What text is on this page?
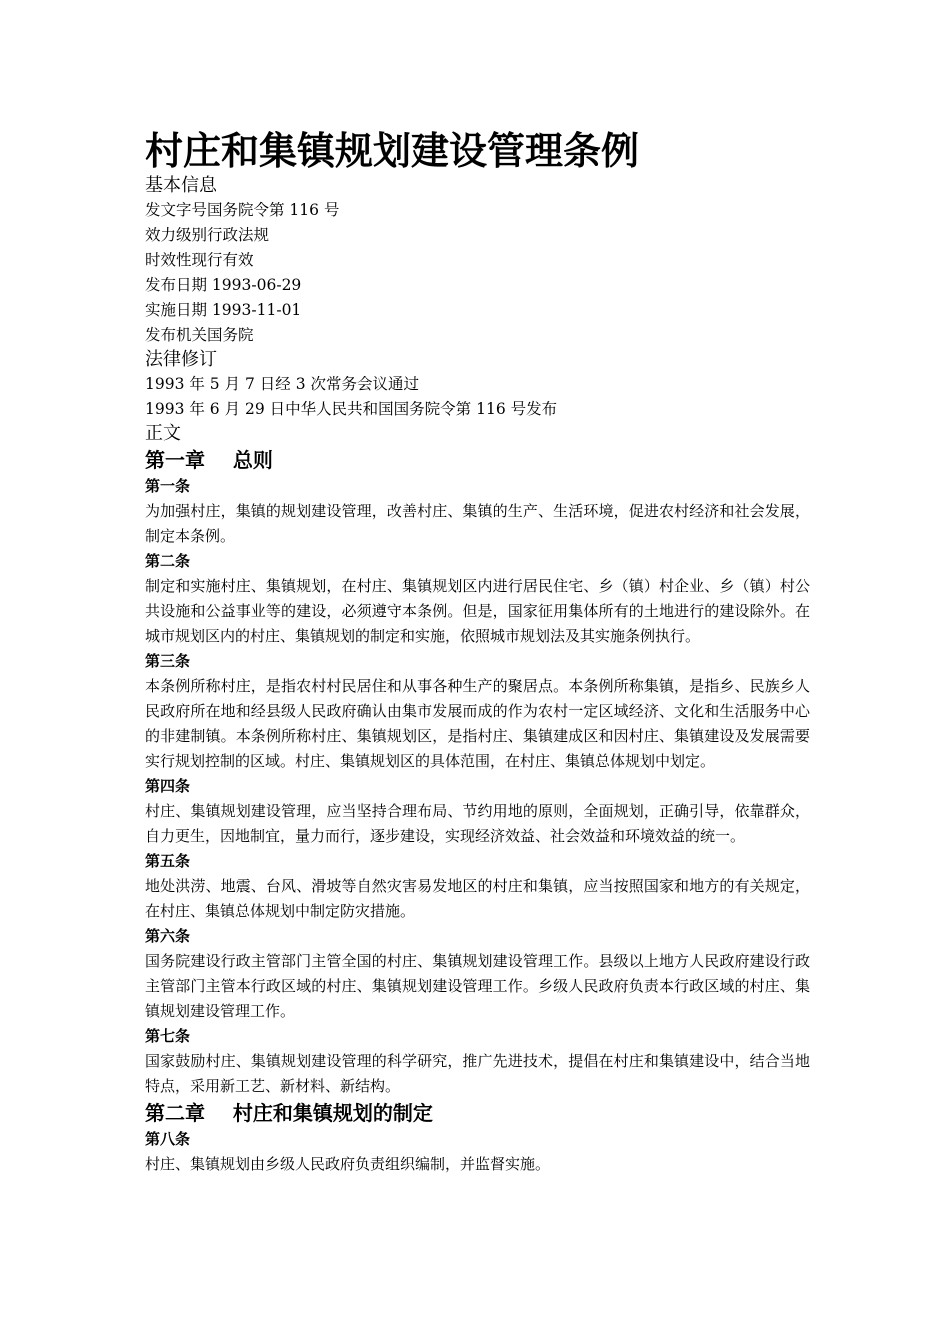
村庄和集镇规划建设管理条例

基本信息

发文字号国务院令第 116 号

效力级别行政法规

时效性现行有效

发布日期 1993-06-29

实施日期 1993-11-01

发布机关国务院

法律修订

1993 年 5 月 7 日经 3 次常务会议通过

1993 年 6 月 29 日中华人民共和国国务院令第 116 号发布

正文

第一章    总则

第一条

为加强村庄，集镇的规划建设管理，改善村庄、集镇的生产、生活环境，促进农村经济和社会发展，制定本条例。

第二条

制定和实施村庄、集镇规划，在村庄、集镇规划区内进行居民住宅、乡（镇）村企业、乡（镇）村公共设施和公益事业等的建设，必须遵守本条例。但是，国家征用集体所有的土地进行的建设除外。在城市规划区内的村庄、集镇规划的制定和实施，依照城市规划法及其实施条例执行。

第三条

本条例所称村庄，是指农村村民居住和从事各种生产的聚居点。本条例所称集镇，是指乡、民族乡人民政府所在地和经县级人民政府确认由集市发展而成的作为农村一定区域经济、文化和生活服务中心的非建制镇。本条例所称村庄、集镇规划区，是指村庄、集镇建成区和因村庄、集镇建设及发展需要实行规划控制的区域。村庄、集镇规划区的具体范围，在村庄、集镇总体规划中划定。

第四条

村庄、集镇规划建设管理，应当坚持合理布局、节约用地的原则，全面规划，正确引导，依靠群众，自力更生，因地制宜，量力而行，逐步建设，实现经济效益、社会效益和环境效益的统一。

第五条

地处洪涝、地震、台风、滑坡等自然灾害易发地区的村庄和集镇，应当按照国家和地方的有关规定，在村庄、集镇总体规划中制定防灾措施。

第六条

国务院建设行政主管部门主管全国的村庄、集镇规划建设管理工作。县级以上地方人民政府建设行政主管部门主管本行政区域的村庄、集镇规划建设管理工作。乡级人民政府负责本行政区域的村庄、集镇规划建设管理工作。

第七条

国家鼓励村庄、集镇规划建设管理的科学研究，推广先进技术，提倡在村庄和集镇建设中，结合当地特点，采用新工艺、新材料、新结构。

第二章    村庄和集镇规划的制定

第八条

村庄、集镇规划由乡级人民政府负责组织编制，并监督实施。
